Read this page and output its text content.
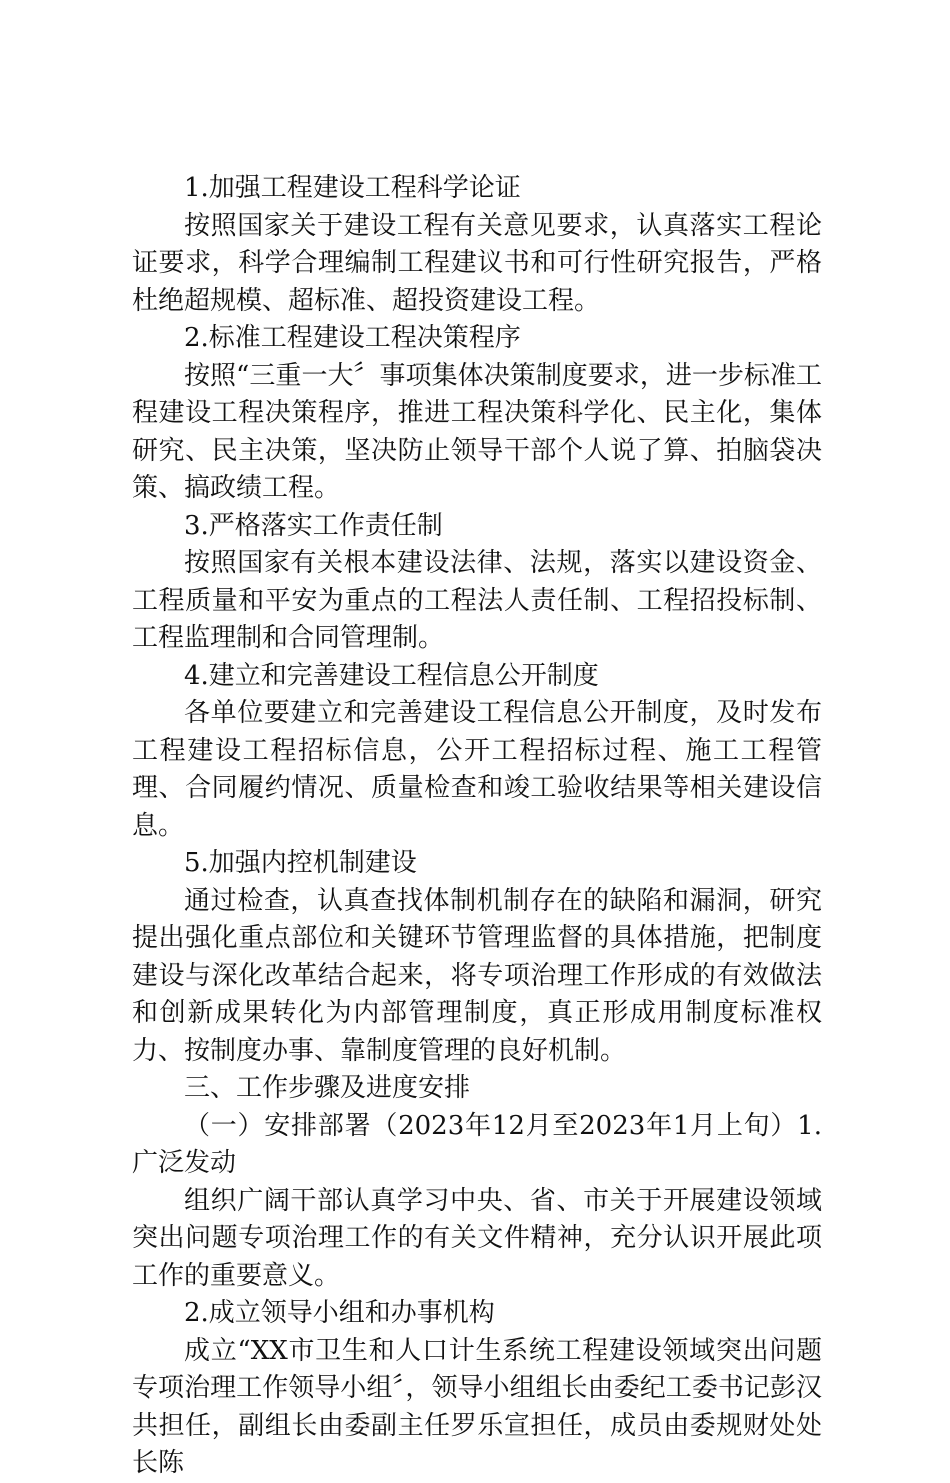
1.加强工程建设工程科学论证

按照国家关于建设工程有关意见要求，认真落实工程论证要求，科学合理编制工程建议书和可行性研究报告，严格杜绝超规模、超标准、超投资建设工程。

2.标准工程建设工程决策程序

按照“三重一大〞事项集体决策制度要求，进一步标准工程建设工程决策程序，推进工程决策科学化、民主化，集体研究、民主决策，坚决防止领导干部个人说了算、拍脑袋决策、搞政绩工程。

3.严格落实工作责任制

按照国家有关根本建设法律、法规，落实以建设资金、工程质量和平安为重点的工程法人责任制、工程招投标制、工程监理制和合同管理制。

4.建立和完善建设工程信息公开制度

各单位要建立和完善建设工程信息公开制度，及时发布工程建设工程招标信息，公开工程招标过程、施工工程管理、合同履约情况、质量检查和竣工验收结果等相关建设信息。

5.加强内控机制建设

通过检查，认真查找体制机制存在的缺陷和漏洞，研究提出强化重点部位和关键环节管理监督的具体措施，把制度建设与深化改革结合起来，将专项治理工作形成的有效做法和创新成果转化为内部管理制度，真正形成用制度标准权力、按制度办事、靠制度管理的良好机制。

三、工作步骤及进度安排

（一）安排部署（2023年12月至2023年1月上旬）1.广泛发动

组织广阔干部认真学习中央、省、市关于开展建设领域突出问题专项治理工作的有关文件精神，充分认识开展此项工作的重要意义。

2.成立领导小组和办事机构

成立“XX市卫生和人口计生系统工程建设领域突出问题专项治理工作领导小组〞，领导小组组长由委纪工委书记彭汉共担任，副组长由委副主任罗乐宣担任，成员由委规财处处长陈
